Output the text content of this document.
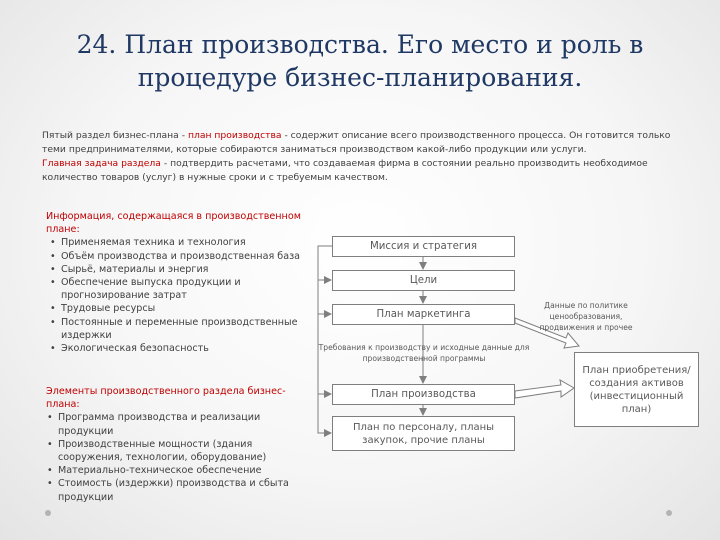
24. План производства. Его место и роль в процедуре бизнес-планирования.

Пятый раздел бизнес-плана - план производства - содержит описание всего производственного процесса. Он готовится только теми предпринимателями, которые собираются заниматься производством какой-либо продукции или услуги.

Главная задача раздела - подтвердить расчетами, что создаваемая фирма в состоянии реально производить необходимое количество товаров (услуг) в нужные сроки и с требуемым качеством.

Информация, содержащаяся в производственном плане:
• Применяемая техника и технология
• Объём производства и производственная база
• Сырьё, материалы и энергия
• Обеспечение выпуска продукции и прогнозирование затрат
• Трудовые ресурсы
• Постоянные и переменные производственные издержки
• Экологическая безопасность
Элементы производственного раздела бизнес-плана:
• Программа производства и реализации продукции
• Производственные мощности (здания сооружения, технологии, оборудование)
• Материально-техническое обеспечение
• Стоимость (издержки) производства и сбыта продукции
Миссия и стратегия
Цели
План маркетинга
План производства
План по персоналу, планы закупок, прочие планы
План приобретения/ создания активов (инвестиционный план)
Требования к производству и исходные данные для производственной программы
Данные по политике ценообразования, продвижения и прочее
